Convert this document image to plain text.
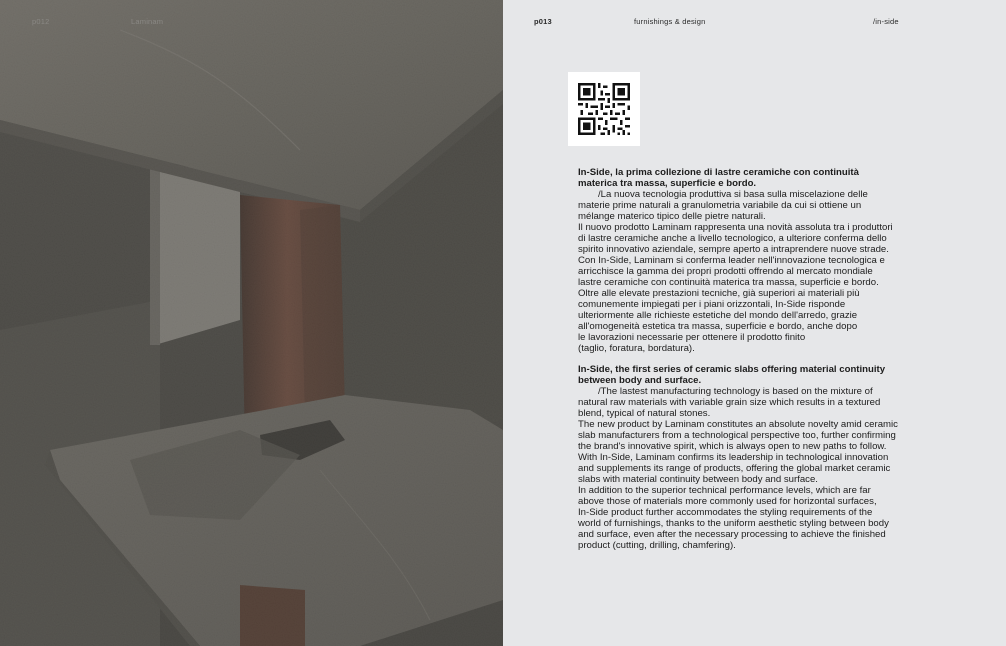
p012	Laminam	p013	furnishings & design	/in-side

In-Side, la prima collezione di lastre ceramiche con continuità
materica tra massa, superficie e bordo.

/La nuova tecnologia produttiva si basa sulla miscelazione delle
materie prime naturali a granulometria variabile da cui si ottiene un
mélange materico tipico delle pietre naturali.

Il nuovo prodotto Laminam rappresenta una novità assoluta tra i produttori
di lastre ceramiche anche a livello tecnologico, a ulteriore conferma dello
spirito innovativo aziendale, sempre aperto a intraprendere nuove strade.
Con In-Side, Laminam si conferma leader nell'innovazione tecnologica e
arricchisce la gamma dei propri prodotti offrendo al mercato mondiale
lastre ceramiche con continuità materica tra massa, superficie e bordo.
Oltre alle elevate prestazioni tecniche, già superiori ai materiali più
comunemente impiegati per i piani orizzontali, In-Side risponde
ulteriormente alle richieste estetiche del mondo dell'arredo, grazie
all'omogeneità estetica tra massa, superficie e bordo, anche dopo
le lavorazioni necessarie per ottenere il prodotto finito
(taglio, foratura, bordatura).

In-Side, the first series of ceramic slabs offering material continuity
between body and surface.

/The lastest manufacturing technology is based on the mixture of
natural raw materials with variable grain size which results in a textured
blend, typical of natural stones.

The new product by Laminam constitutes an absolute novelty amid ceramic
slab manufacturers from a technological perspective too, further confirming
the brand's innovative spirit, which is always open to new paths to follow.
With In-Side, Laminam confirms its leadership in technological innovation
and supplements its range of products, offering the global market ceramic
slabs with material continuity between body and surface.
In addition to the superior technical performance levels, which are far
above those of materials more commonly used for horizontal surfaces,
In-Side product further accommodates the styling requirements of the
world of furnishings, thanks to the uniform aesthetic styling between body
and surface, even after the necessary processing to achieve the finished
product (cutting, drilling, chamfering).
